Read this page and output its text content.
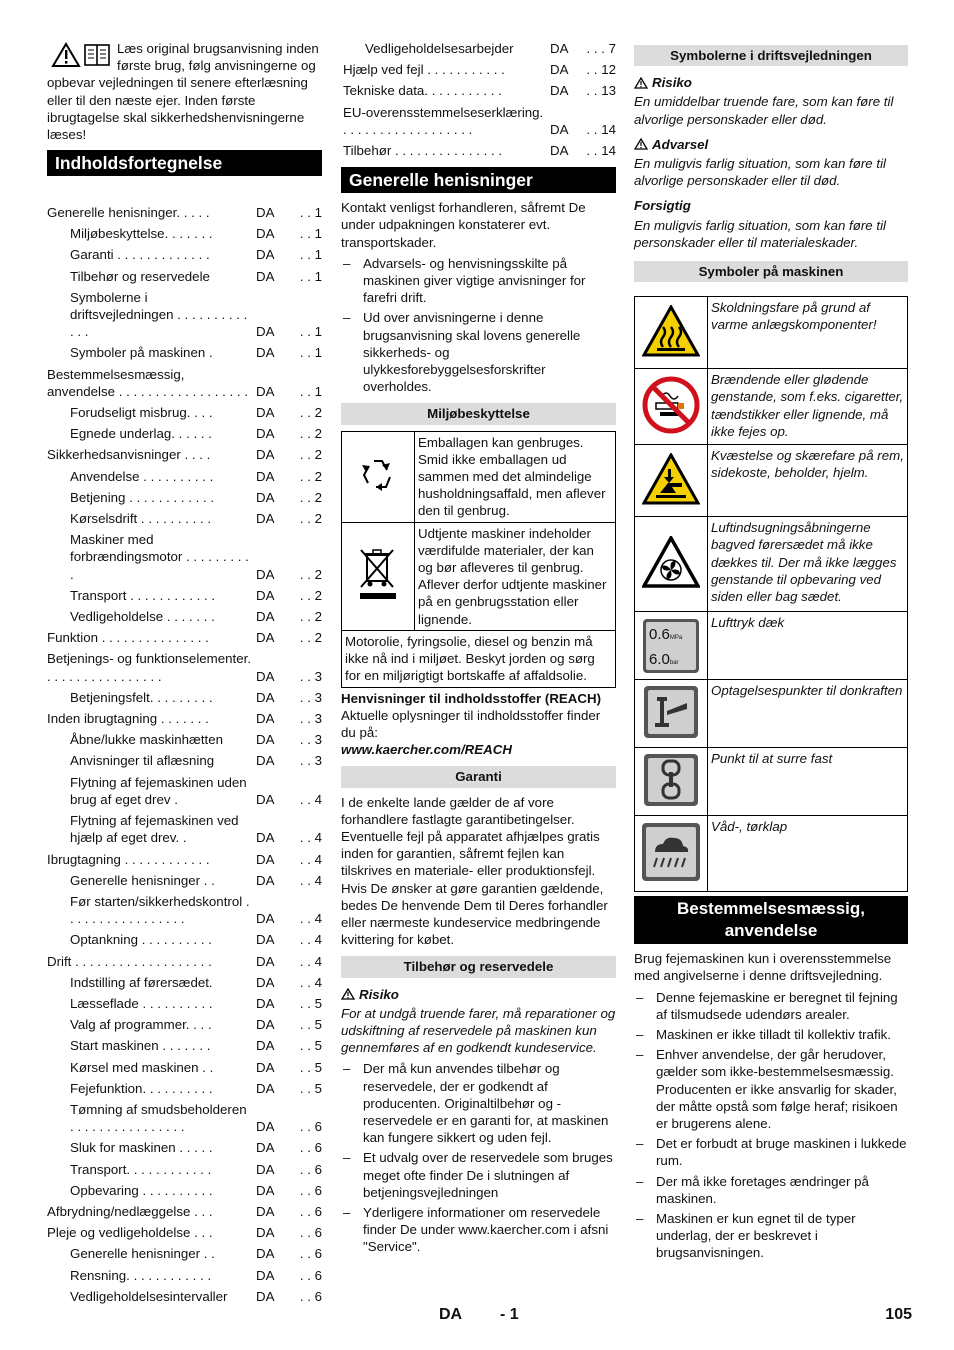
Læs original brugsanvisning inden første brug, følg anvisningerne og opbevar vejledningen til senere efterlæsning eller til den næste ejer. Inden første ibrugtagelse skal sikkerhedshenvisningerne læses!
Indholdsfortegnelse
Generelle henisninger. . . . .	DA	. . 1
Miljøbeskyttelse. . . . . . .	DA	. . 1
Garanti . . . . . . . . . . . . .	DA	. . 1
Tilbehør og reservedele	DA	. . 1
Symbolerne i driftsvejledningen . . . . . . . . . . . . .	DA	. . 1
Symboler på maskinen .	DA	. . 1
Bestemmelsesmæssig, anvendelse . . . . . . . . . . . . . . . . . . DA	. . 1
Forudseligt misbrug. . . .	DA	. . 2
Egnede underlag. . . . . .	DA	. . 2
Sikkerhedsanvisninger . . . .	DA	. . 2
Anvendelse . . . . . . . . . .	DA	. . 2
Betjening . . . . . . . . . . . .	DA	. . 2
Kørselsdrift . . . . . . . . . .	DA	. . 2
Maskiner med forbrændingsmotor . . . . . . . . . .	DA	. . 2
Transport . . . . . . . . . . . .	DA	. . 2
Vedligeholdelse . . . . . . .	DA	. . 2
Funktion . . . . . . . . . . . . . . .	DA	. . 2
Betjenings- og funktionselementer. . . . . . . . . . . . . . . . .	DA	. . 3
Betjeningsfelt. . . . . . . . .	DA	. . 3
Inden ibrugtagning . . . . . . .	DA	. . 3
Åbne/lukke maskinhætten	DA	. . 3
Anvisninger til aflæsning	DA	. . 3
Flytning af fejemaskinen uden brug af eget drev .	DA	. . 4
Flytning af fejemaskinen ved hjælp af eget drev. .	DA	. . 4
Ibrugtagning . . . . . . . . . . . .	DA	. . 4
Generelle henisninger . .	DA	. . 4
Før starten/sikkerhedskontrol . . . . . . . . . . . . . . . . .	DA	. . 4
Optankning . . . . . . . . . .	DA	. . 4
Drift . . . . . . . . . . . . . . . . . . .	DA	. . 4
Indstilling af førersædet.	DA	. . 4
Læsseflade . . . . . . . . . .	DA	. . 5
Valg af programmer. . . .	DA	. . 5
Start maskinen . . . . . . .	DA	. . 5
Kørsel med maskinen . .	DA	. . 5
Fejefunktion. . . . . . . . . .	DA	. . 5
Tømning af smudsbeholderen . . . . . . . . . . . . . . . .	DA	. . 6
Sluk for maskinen . . . . .	DA	. . 6
Transport. . . . . . . . . . . .	DA	. . 6
Opbevaring . . . . . . . . . .	DA	. . 6
Afbrydning/nedlæggelse . . .	DA	. . 6
Pleje og vedligeholdelse . . .	DA	. . 6
Generelle henisninger . .	DA	. . 6
Rensning. . . . . . . . . . . .	DA	. . 6
Vedligeholdelsesintervaller	DA	. . 6
Vedligeholdelsesarbejder	DA	. . . 7
Hjælp ved fejl . . . . . . . . . . .	DA	. . 12
Tekniske data. . . . . . . . . . .	DA	. . 13
EU-overensstemmelseserklæring. . . . . . . . . . . . . . . . . . .	DA	. . 14
Tilbehør . . . . . . . . . . . . . . .	DA	. . 14
Generelle henisninger

Kontakt venligst forhandleren, såfremt De under udpakningen konstaterer evt. transportskader.

– Advarsels- og henvisningsskilte på maskinen giver vigtige anvisninger for farefri drift.
– Ud over anvisningerne i denne brugsanvisning skal lovens generelle sikkerheds- og ulykkesforebyggelsesforskrifter overholdes.
Miljøbeskyttelse
	Emballagen kan genbruges. Smid ikke emballagen ud sammen med det almindelige husholdningsaffald, men aflever den til genbrug.
	Udtjente maskiner indeholder værdifulde materialer, der kan og bør afleveres til genbrug. Aflever derfor udtjente maskiner på en genbrugsstation eller lignende.
Motorolie, fyringsolie, diesel og benzin må ikke nå ind i miljøet. Beskyt jorden og sørg for en miljørigtigt bortskaffe af affaldsolie.	

Henvisninger til indholdsstoffer (REACH)

Aktuelle oplysninger til indholdsstoffer finder du på:

www.kaercher.com/REACH

Garanti

I de enkelte lande gælder de af vore forhandlere fastlagte garantibetingelser. Eventuelle fejl på apparatet afhjælpes gratis inden for garantien, såfremt fejlen kan tilskrives en materiale- eller produktionsfejl. Hvis De ønsker at gøre garantien gældende, bedes De henvende Dem til Deres forhandler eller nærmeste kundeservice medbringende kvittering for købet.

Tilbehør og reservedele
Risiko

For at undgå truende farer, må reparationer og udskiftning af reservedele på maskinen kun gennemføres af en godkendt kundeservice.

– Der må kun anvendes tilbehør og reservedele, der er godkendt af producenten. Originaltilbehør og -reservedele er en garanti for, at maskinen kan fungere sikkert og uden fejl.
– Et udvalg over de reservedele som bruges meget ofte finder De i slutningen af betjeningsvejledningen
– Yderligere informationer om reservedele finder De under www.kaercher.com i afsni "Service".
Symbolerne i driftsvejledningen
Risiko

En umiddelbar truende fare, som kan føre til alvorlige personskader eller død.

Advarsel

En muligvis farlig situation, som kan føre til alvorlige personskader eller til død.

Forsigtig

En muligvis farlig situation, som kan føre til personskader eller til materialeskader.

Symboler på maskinen
	Skoldningsfare på grund af varme anlægskomponenter!
	Brændende eller glødende genstande, som f.eks. cigaretter, tændstikker eller lignende, må ikke fejes op.
	Kvæstelse og skærefare på rem, sidekoste, beholder, hjelm.
	Luftindsugningsåbningerne bagved førersædet må ikke dækkes til. Der må ikke lægges genstande til opbevaring ved siden eller bag sædet.

0.6MPa
6.0bar	Lufttryk dæk
	Optagelsespunkter til donkraften
	Punkt til at surre fast
	Våd-, tørklap
Bestemmelsesmæssig, anvendelse

Brug fejemaskinen kun i overensstemmelse med angivelserne i denne driftsvejledning.

– Denne fejemaskine er beregnet til fejning af tilsmudsede udendørs arealer.
– Maskinen er ikke tilladt til kollektiv trafik.
– Enhver anvendelse, der går herudover, gælder som ikke-bestemmelsesmæssig. Producenten er ikke ansvarlig for skader, der måtte opstå som følge heraf; risikoen er brugerens alene.
– Det er forbudt at bruge maskinen i lukkede rum.
– Der må ikke foretages ændringer på maskinen.
– Maskinen er kun egnet til de typer underlag, der er beskrevet i brugsanvisningen.
DA - 1	105
